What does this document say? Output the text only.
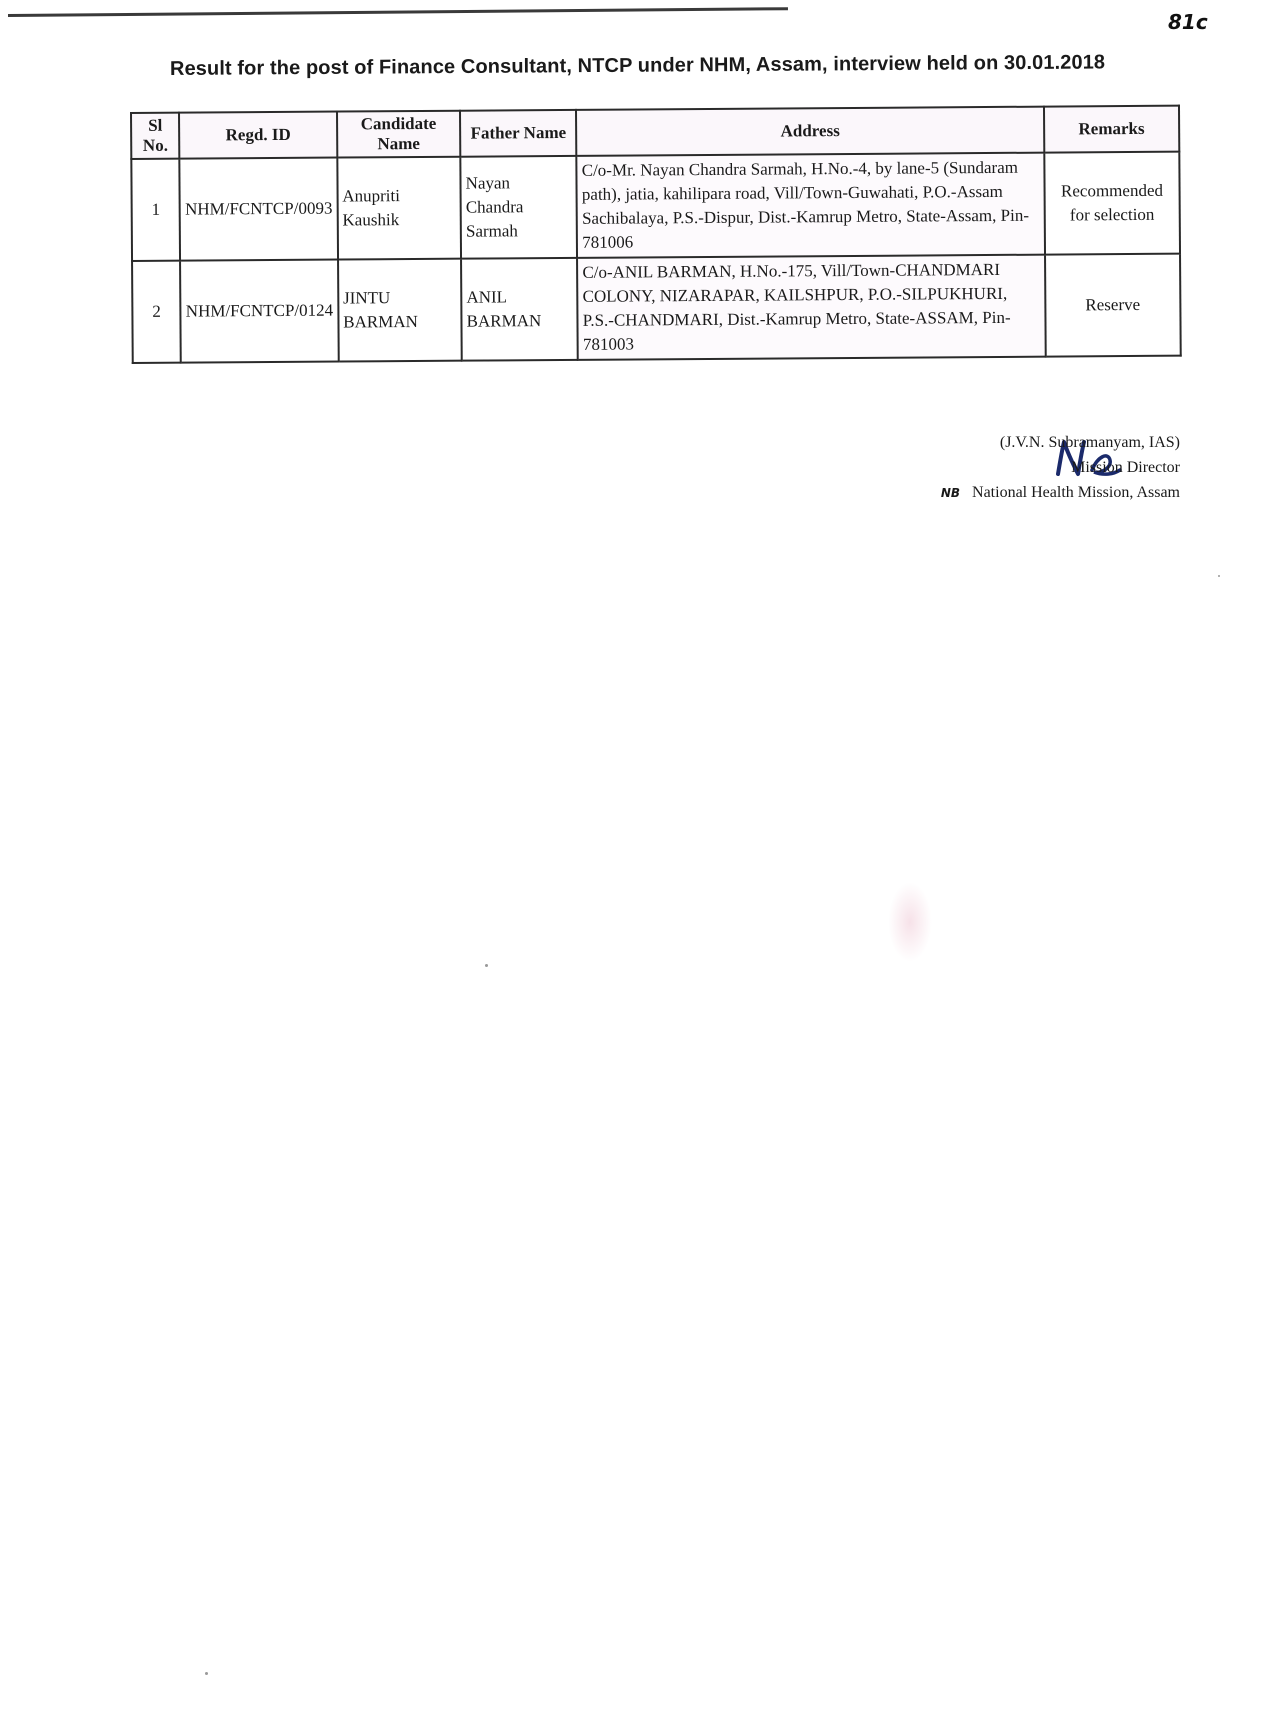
81c
Result for the post of Finance Consultant, NTCP under NHM, Assam, interview held on 30.01.2018
Sl No.	Regd. ID	Candidate Name	Father Name	Address	Remarks
1	NHM/FCNTCP/0093	Anupriti Kaushik	Nayan Chandra Sarmah	C/o-Mr. Nayan Chandra Sarmah, H.No.-4, by lane-5 (Sundaram path), jatia, kahilipara road, Vill/Town-Guwahati, P.O.-Assam Sachibalaya, P.S.-Dispur, Dist.-Kamrup Metro, State-Assam, Pin-781006	Recommended for selection
2	NHM/FCNTCP/0124	JINTU BARMAN	ANIL BARMAN	C/o-ANIL BARMAN, H.No.-175, Vill/Town-CHANDMARI COLONY, NIZARAPAR, KAILSHPUR, P.O.-SILPUKHURI, P.S.-CHANDMARI, Dist.-Kamrup Metro, State-ASSAM, Pin-781003	Reserve
(J.V.N. Subramanyam, IAS)
Mission Director
NB National Health Mission, Assam
